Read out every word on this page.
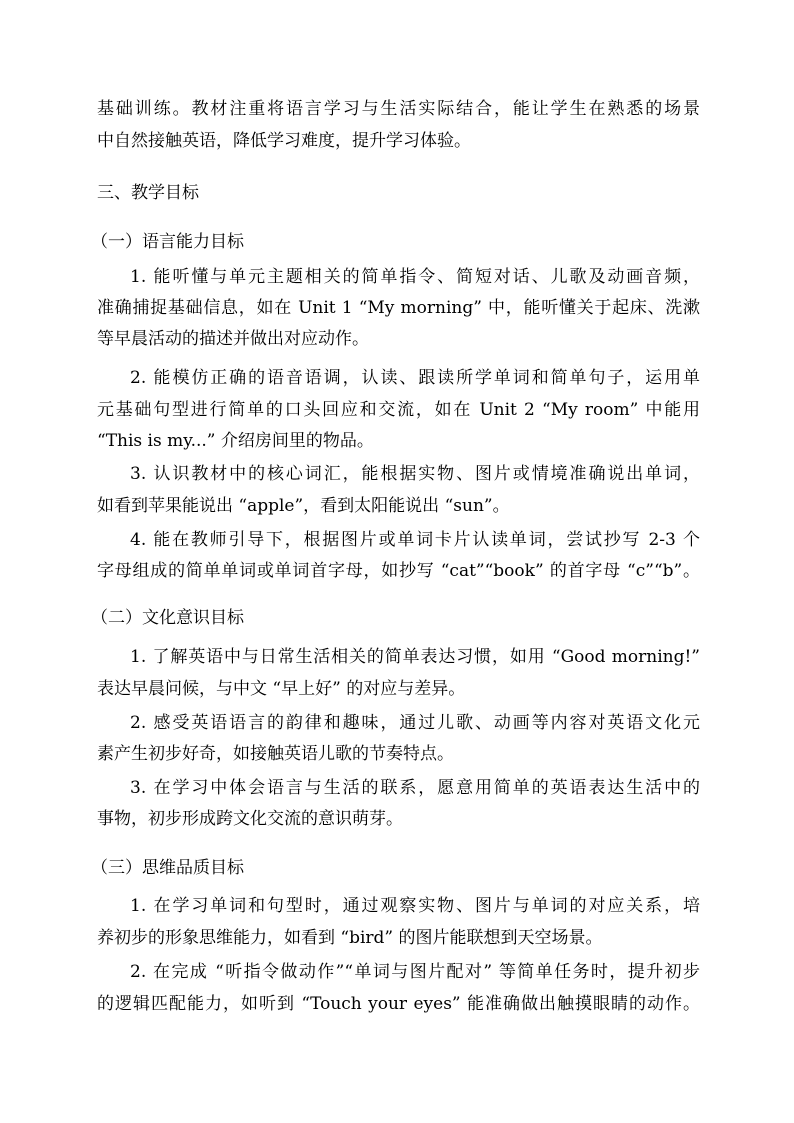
基础训练。教材注重将语言学习与生活实际结合，能让学生在熟悉的场景
中自然接触英语，降低学习难度，提升学习体验。
三、教学目标
（一）语言能力目标
1. 能听懂与单元主题相关的简单指令、简短对话、儿歌及动画音频，
准确捕捉基础信息，如在 Unit 1 “My morning” 中，能听懂关于起床、洗漱
等早晨活动的描述并做出对应动作。
2. 能模仿正确的语音语调，认读、跟读所学单词和简单句子，运用单
元基础句型进行简单的口头回应和交流，如在 Unit 2 “My room” 中能用
“This is my...” 介绍房间里的物品。
3. 认识教材中的核心词汇，能根据实物、图片或情境准确说出单词，
如看到苹果能说出 “apple”，看到太阳能说出 “sun”。
4. 能在教师引导下，根据图片或单词卡片认读单词，尝试抄写 2-3 个
字母组成的简单单词或单词首字母，如抄写 “cat”“book” 的首字母 “c”“b”。
（二）文化意识目标
1. 了解英语中与日常生活相关的简单表达习惯，如用 “Good morning!”
表达早晨问候，与中文 “早上好” 的对应与差异。
2. 感受英语语言的韵律和趣味，通过儿歌、动画等内容对英语文化元
素产生初步好奇，如接触英语儿歌的节奏特点。
3. 在学习中体会语言与生活的联系，愿意用简单的英语表达生活中的
事物，初步形成跨文化交流的意识萌芽。
（三）思维品质目标
1. 在学习单词和句型时，通过观察实物、图片与单词的对应关系，培
养初步的形象思维能力，如看到 “bird” 的图片能联想到天空场景。
2. 在完成 “听指令做动作”“单词与图片配对” 等简单任务时，提升初步
的逻辑匹配能力，如听到 “Touch your eyes” 能准确做出触摸眼睛的动作。
